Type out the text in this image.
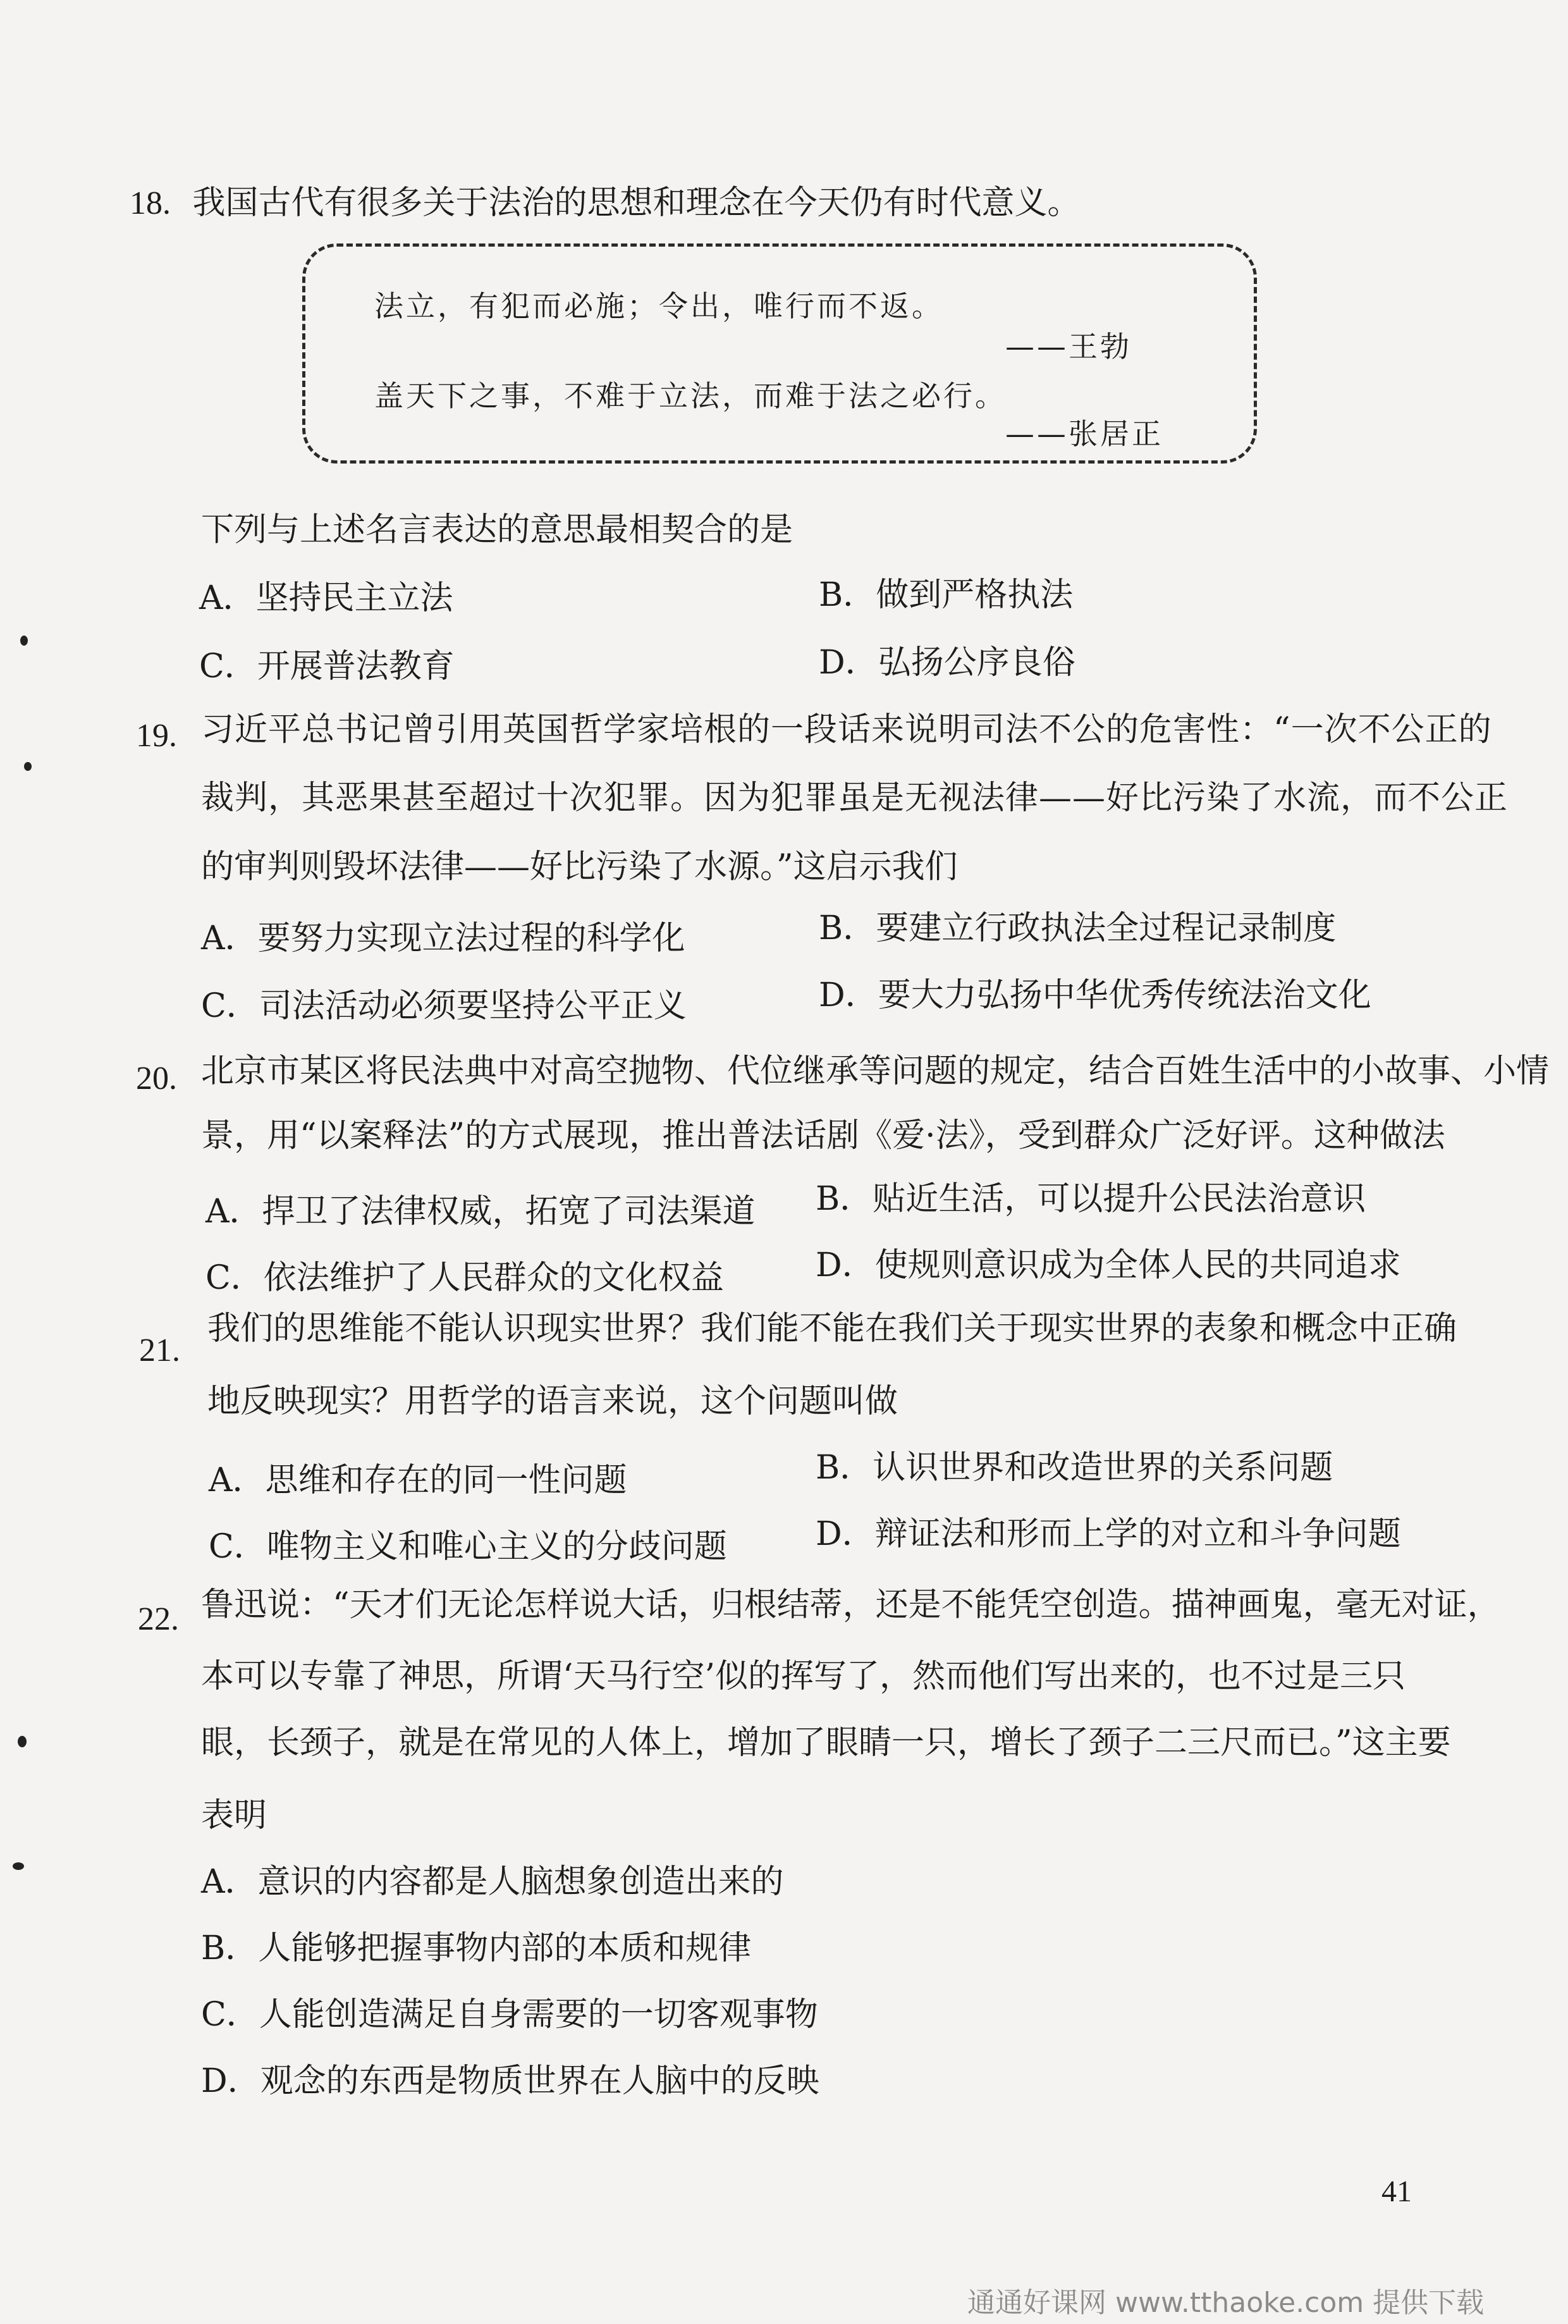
18. 我国古代有很多关于法治的思想和理念在今天仍有时代意义。
法立，有犯而必施；令出，唯行而不返。
——王勃
盖天下之事，不难于立法，而难于法之必行。
——张居正
下列与上述名言表达的意思最相契合的是
A．坚持民主立法	B．做到严格执法
C．开展普法教育	D．弘扬公序良俗
19. 习近平总书记曾引用英国哲学家培根的一段话来说明司法不公的危害性：“一次不公正的
裁判，其恶果甚至超过十次犯罪。因为犯罪虽是无视法律——好比污染了水流，而不公正
的审判则毁坏法律——好比污染了水源。”这启示我们
A．要努力实现立法过程的科学化	B．要建立行政执法全过程记录制度
C．司法活动必须要坚持公平正义	D．要大力弘扬中华优秀传统法治文化
20. 北京市某区将民法典中对高空抛物、代位继承等问题的规定，结合百姓生活中的小故事、小情
景，用“以案释法”的方式展现，推出普法话剧《爱·法》，受到群众广泛好评。这种做法
A．捍卫了法律权威，拓宽了司法渠道 B．贴近生活，可以提升公民法治意识
C．依法维护了人民群众的文化权益	D．使规则意识成为全体人民的共同追求
21.
我们的思维能不能认识现实世界？我们能不能在我们关于现实世界的表象和概念中正确
地反映现实？用哲学的语言来说，这个问题叫做
A．思维和存在的同一性问题	B．认识世界和改造世界的关系问题
C．唯物主义和唯心主义的分歧问题	D．辩证法和形而上学的对立和斗争问题
22. 鲁迅说：“天才们无论怎样说大话，归根结蒂，还是不能凭空创造。描神画鬼，毫无对证，
本可以专靠了神思，所谓‘天马行空’似的挥写了，然而他们写出来的，也不过是三只
眼，长颈子，就是在常见的人体上，增加了眼睛一只，增长了颈子二三尺而已。”这主要
表明
A．意识的内容都是人脑想象创造出来的
B．人能够把握事物内部的本质和规律
C．人能创造满足自身需要的一切客观事物
D．观念的东西是物质世界在人脑中的反映
41
通通好课网 www.tthaoke.com 提供下载
